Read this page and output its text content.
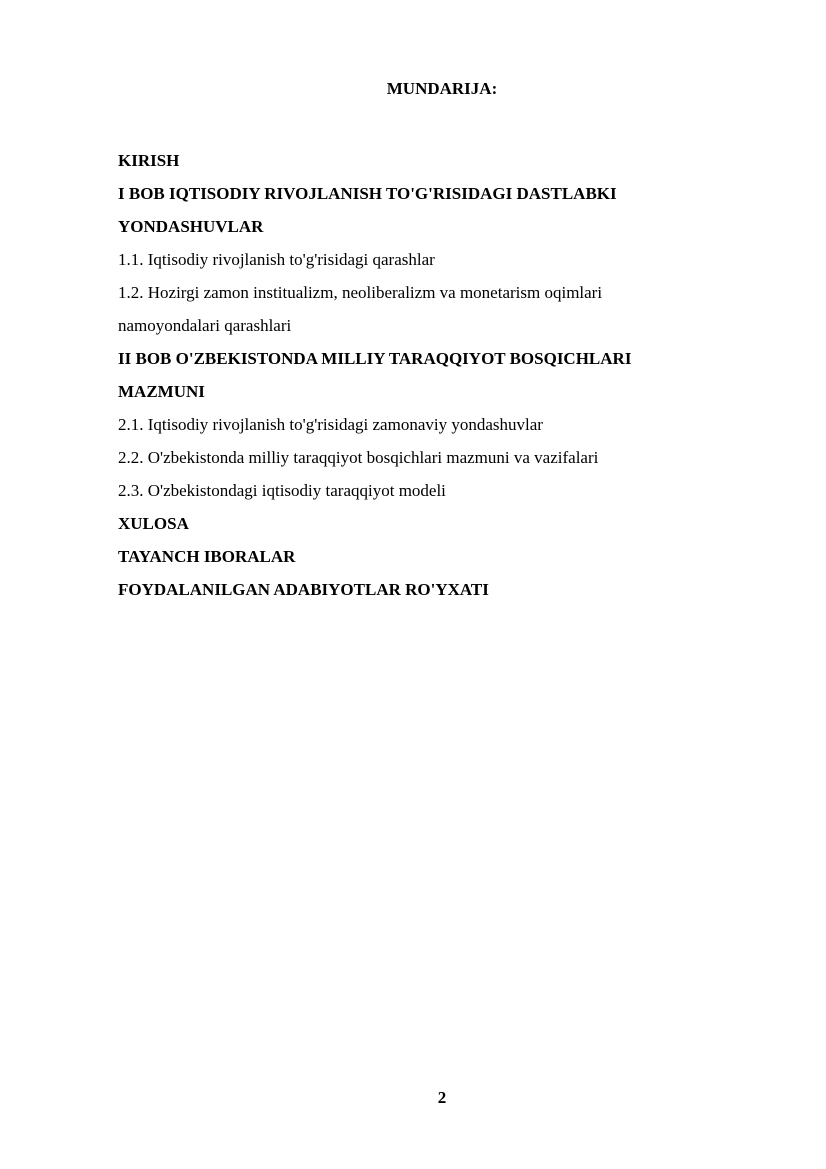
MUNDARIJA:
KIRISH
I BOB IQTISODIY RIVOJLANISH TO'G'RISIDAGI DASTLABKI
YONDASHUVLAR
1.1. Iqtisodiy rivojlanish to'g'risidagi qarashlar
1.2. Hozirgi zamon institualizm, neoliberalizm va monetarism oqimlari
namoyondalari qarashlari
II BOB O'ZBEKISTONDA MILLIY TARAQQIYOT BOSQICHLARI
MAZMUNI
2.1. Iqtisodiy rivojlanish to'g'risidagi zamonaviy yondashuvlar
2.2. O'zbekistonda milliy taraqqiyot bosqichlari mazmuni va vazifalari
2.3. O'zbekistondagi iqtisodiy taraqqiyot modeli
XULOSA
TAYANCH IBORALAR
FOYDALANILGAN ADABIYOTLAR RO'YXATI
2
